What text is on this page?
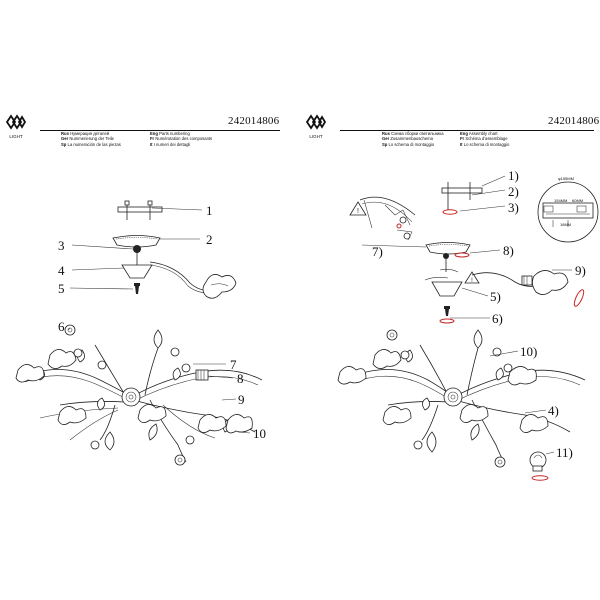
LIGHT
242014806
Rus Нумерация деталей
Ger Nummerierung der Teile
Sp La numeración de las piezas
Eng Parts numbering
Fr Numérotation des composants
It I numeri dei dettagli
1
2
3
4
5
6
7
8
9
10
LIGHT
242014806
Rus Схема сборки светильника
Ger Zusammenbauschema
Sp Lo schema di montaggio
Eng Assembly chart
Fr Schéma d'assemblage
It Lo schema di montaggio
!
!
φ155MM
154MM 60MM
18MM
1)
2)
3)
4)
5)
6)
7)	8)
9)
10)
11)
